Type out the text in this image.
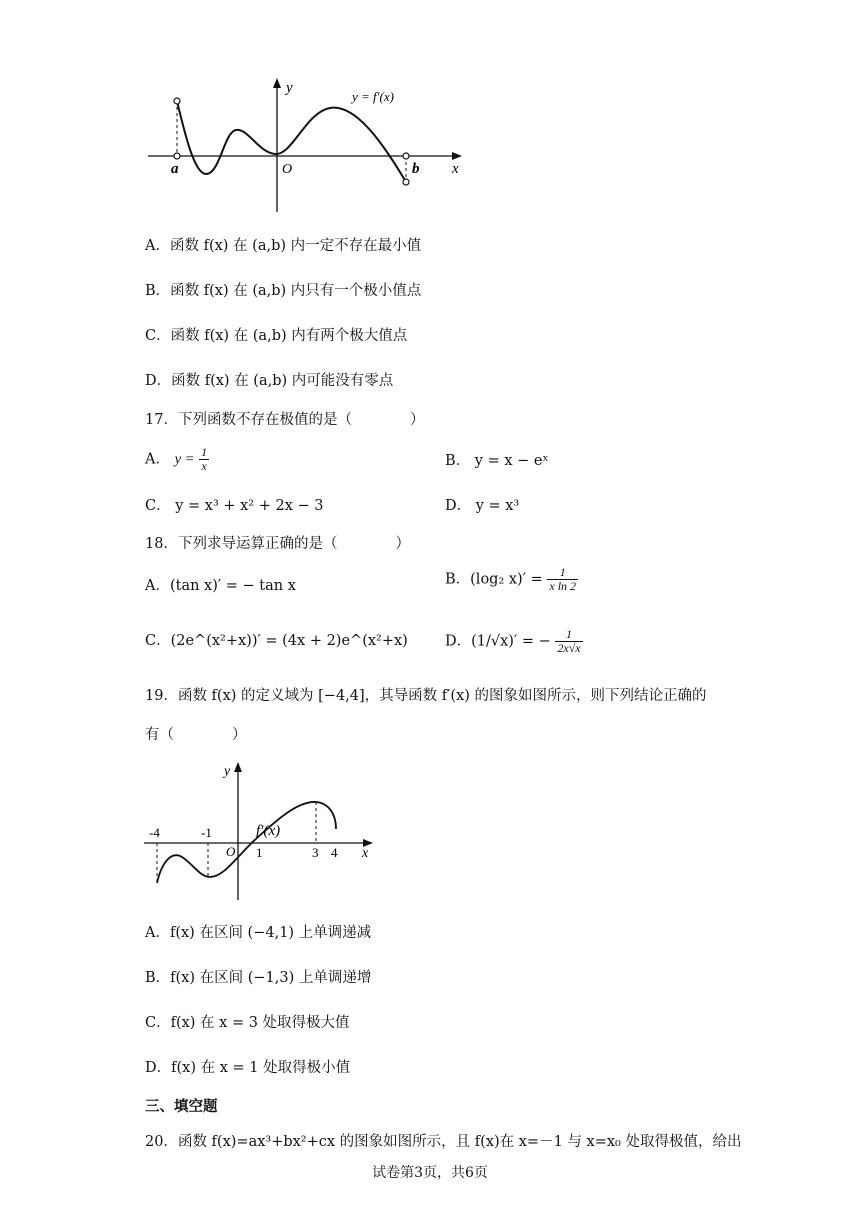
y
x
O
a	b
y = f′(x)
A．函数 f(x) 在 (a,b) 内一定不存在最小值
B．函数 f(x) 在 (a,b) 内只有一个极小值点
C．函数 f(x) 在 (a,b) 内有两个极大值点
D．函数 f(x) 在 (a,b) 内可能没有零点
17．下列函数不存在极值的是（　　　　）
A． $y = \frac{1}{x}$	B． y = x − eˣ
C． y = x³ + x² + 2x − 3	D． y = x³
18．下列求导运算正确的是（　　　　）
A．(tan x)′ = − tan x	B．(log₂ $x)' = \frac{1}{\text{x ln 2}}$
C．(2e^(x²+x))′ = (4x + 2)e^(x²+x)	D．(1/√x)′ = − $\frac{1}{2x√x}$
19．函数 f(x) 的定义域为 [−4,4]，其导函数 f′(x) 的图象如图所示，则下列结论正确的
有（　　　　）
y
x
O
f′(x)
-4	-1
1	3 4
A．f(x) 在区间 (−4,1) 上单调递减
B．f(x) 在区间 (−1,3) 上单调递增
C．f(x) 在 x = 3 处取得极大值
D．f(x) 在 x = 1 处取得极小值
三、填空题
20．函数 f(x)=ax³+bx²+cx 的图象如图所示，且 f(x)在 x=－1 与 x=x₀ 处取得极值，给出
试卷第3页，共6页
